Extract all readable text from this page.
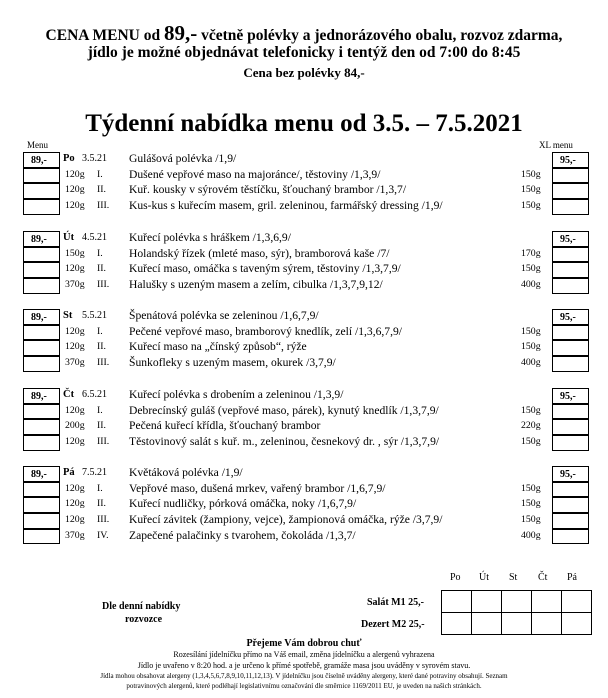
CENA MENU od 89,- včetně polévky a jednorázového obalu, rozvoz zdarma,
jídlo je možné objednávat telefonicky i tentýž den od 7:00 do 8:45
Cena bez polévky 84,-
Týdenní nabídka menu od 3.5. – 7.5.2021
Menu	XL menu
89,-	95,-
Po 3.5.21 Gulášová polévka /1,9/
120g I. Dušené vepřové maso na majoránce/, těstoviny /1,3,9/	150g
120g II. Kuř. kousky v sýrovém těstíčku, šťouchaný brambor /1,3,7/	150g
120g III. Kus-kus s kuřecím masem, gril. zeleninou, farmářský dressing /1,9/	150g
89,-	95,-
Út 4.5.21 Kuřecí polévka s hráškem /1,3,6,9/
150g I. Holandský řízek (mleté maso, sýr), bramborová kaše /7/	170g
120g II. Kuřecí maso, omáčka s taveným sýrem, těstoviny /1,3,7,9/	150g
370g III. Halušky s uzeným masem a zelím, cibulka /1,3,7,9,12/	400g
89,-	95,-
St 5.5.21 Špenátová polévka se zeleninou /1,6,7,9/
120g I. Pečené vepřové maso, bramborový knedlík, zelí /1,3,6,7,9/	150g
120g II. Kuřecí maso na „čínský způsob“, rýže	150g
370g III. Šunkofleky s uzeným masem, okurek /3,7,9/	400g
89,-	95,-
Čt 6.5.21 Kuřecí polévka s drobením a zeleninou /1,3,9/
120g I. Debrecínský guláš (vepřové maso, párek), kynutý knedlík /1,3,7,9/	150g
200g II. Pečená kuřecí křídla, šťouchaný brambor	220g
120g III. Těstovinový salát s kuř. m., zeleninou, česnekový dr. , sýr /1,3,7,9/	150g
89,-	95,-
Pá 7.5.21 Květáková polévka /1,9/
120g I. Vepřové maso, dušená mrkev, vařený brambor /1,6,7,9/	150g
120g II. Kuřecí nudličky, pórková omáčka, noky /1,6,7,9/	150g
120g III. Kuřecí závitek (žampiony, vejce), žampionová omáčka, rýže /3,7,9/	150g
370g IV. Zapečené palačinky s tvarohem, čokoláda /1,3,7/	400g
Po Út St Čt Pá
Dle denní nabídky
rozvozce
Salát M1 25,-
Dezert M2 25,-

Přejeme Vám dobrou chuť
Rozesílání jídelníčku přímo na Váš email, změna jídelníčku a alergenů vyhrazena
Jídlo je uvařeno v 8:20 hod. a je určeno k přímé spotřebě, gramáže masa jsou uváděny v syrovém stavu.
Jídla mohou obsahovat alergeny (1,3,4,5,6,7,8,9,10,11,12,13). V jídelníčku jsou číselně uváděny alergeny, které dané potraviny obsahují. Seznam
potravinových alergenů, které podléhají legislativnímu označování dle směrnice 1169/2011 EU, je uveden na našich stránkách.
